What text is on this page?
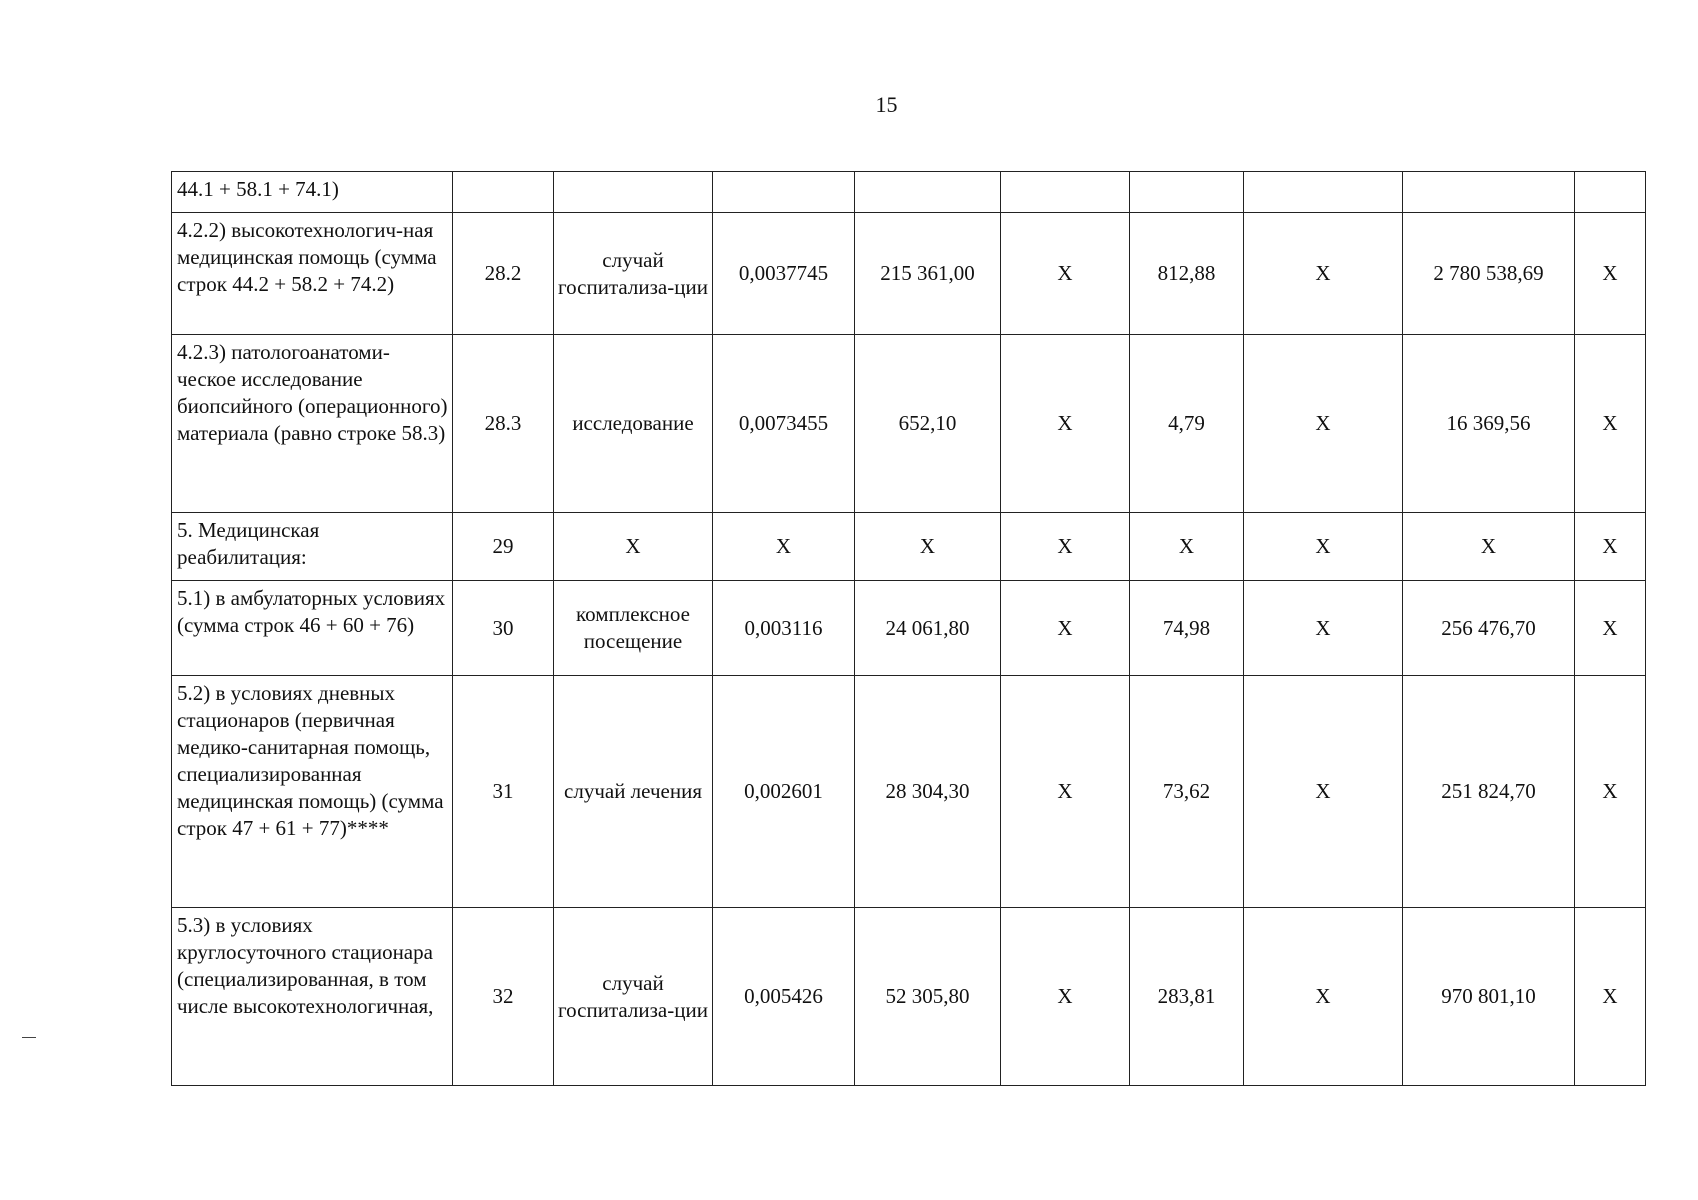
15
44.1 + 58.1 + 74.1)									
4.2.2) высокотехнологич-ная медицинская помощь (сумма строк 44.2 + 58.2 + 74.2)	28.2	случай госпитализа-ции	0,0037745	215 361,00	X	812,88	X	2 780 538,69	X
4.2.3) патологоанатоми-ческое исследование биопсийного (операционного) материала (равно строке 58.3)	28.3	исследование	0,0073455	652,10	X	4,79	X	16 369,56	X
5. Медицинская реабилитация:	29	X	X	X	X	X	X	X	X
5.1) в амбулаторных условиях (сумма строк 46 + 60 + 76)	30	комплексное посещение	0,003116	24 061,80	X	74,98	X	256 476,70	X
5.2) в условиях дневных стационаров (первичная медико-санитарная помощь, специализированная медицинская помощь) (сумма строк 47 + 61 + 77)****	31	случай лечения	0,002601	28 304,30	X	73,62	X	251 824,70	X
5.3) в условиях круглосуточного стационара (специализированная, в том числе высокотехнологичная,	32	случай госпитализа-ции	0,005426	52 305,80	X	283,81	X	970 801,10	X
